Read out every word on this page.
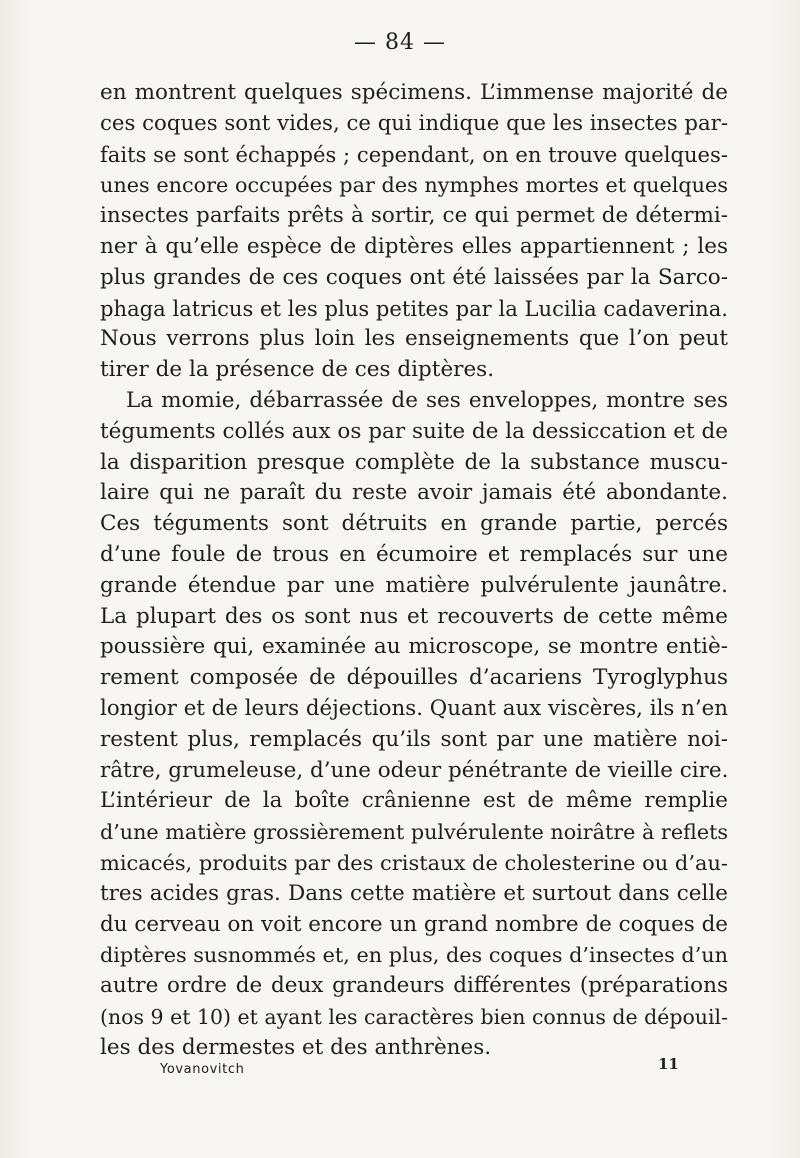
— 84 —
en montrent quelques spécimens. L’immense majorité de
ces coques sont vides, ce qui indique que les insectes par-
faits se sont échappés ; cependant, on en trouve quelques-
unes encore occupées par des nymphes mortes et quelques
insectes parfaits prêts à sortir, ce qui permet de détermi-
ner à qu’elle espèce de diptères elles appartiennent ; les
plus grandes de ces coques ont été laissées par la Sarco-
phaga latricus et les plus petites par la Lucilia cadaverina.
Nous verrons plus loin les enseignements que l’on peut
tirer de la présence de ces diptères.
La momie, débarrassée de ses enveloppes, montre ses
téguments collés aux os par suite de la dessiccation et de
la disparition presque complète de la substance muscu-
laire qui ne paraît du reste avoir jamais été abondante.
Ces téguments sont détruits en grande partie, percés
d’une foule de trous en écumoire et remplacés sur une
grande étendue par une matière pulvérulente jaunâtre.
La plupart des os sont nus et recouverts de cette même
poussière qui, examinée au microscope, se montre entiè-
rement composée de dépouilles d’acariens Tyroglyphus
longior et de leurs déjections. Quant aux viscères, ils n’en
restent plus, remplacés qu’ils sont par une matière noi-
râtre, grumeleuse, d’une odeur pénétrante de vieille cire.
L’intérieur de la boîte crânienne est de même remplie
d’une matière grossièrement pulvérulente noirâtre à reflets
micacés, produits par des cristaux de cholesterine ou d’au-
tres acides gras. Dans cette matière et surtout dans celle
du cerveau on voit encore un grand nombre de coques de
diptères susnommés et, en plus, des coques d’insectes d’un
autre ordre de deux grandeurs différentes (préparations
(nos 9 et 10) et ayant les caractères bien connus de dépouil-
les des dermestes et des anthrènes.
Yovanovitch	11
